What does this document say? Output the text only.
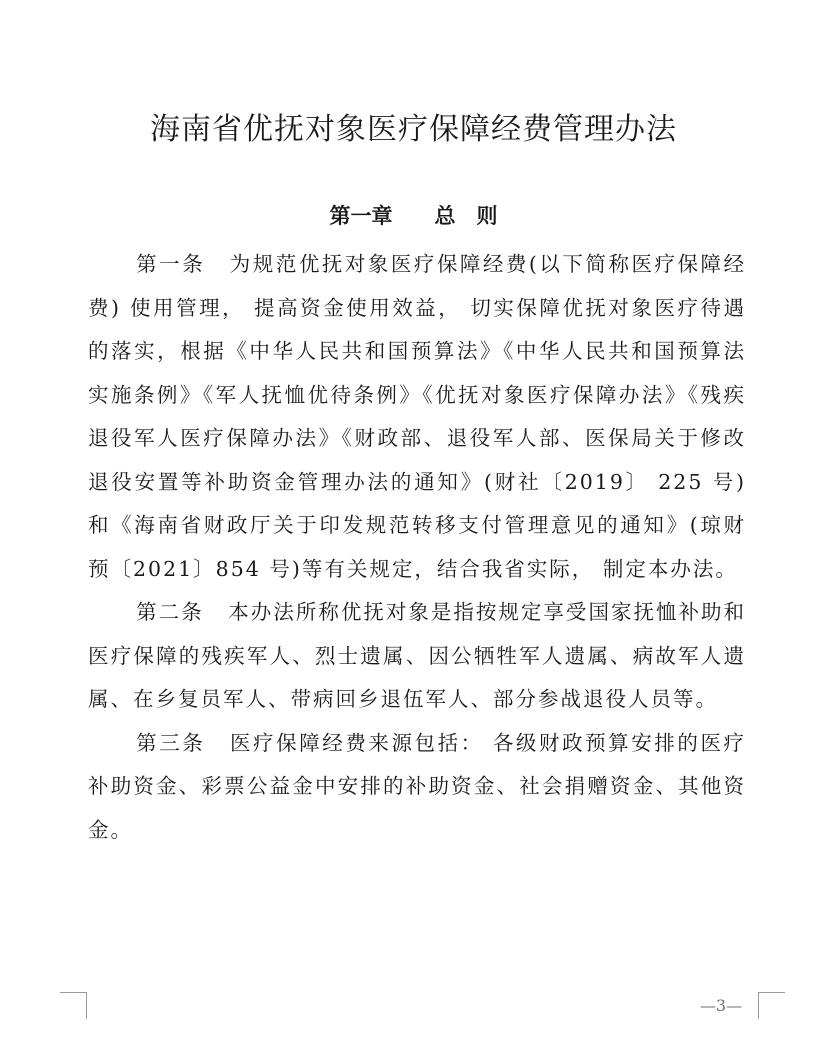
海南省优抚对象医疗保障经费管理办法
第一章　　总　则

第一条 为规范优抚对象医疗保障经费(以下简称医疗保障经费) 使用管理， 提高资金使用效益， 切实保障优抚对象医疗待遇的落实，根据《中华人民共和国预算法》《中华人民共和国预算法实施条例》《军人抚恤优待条例》《优抚对象医疗保障办法》《残疾退役军人医疗保障办法》《财政部、退役军人部、医保局关于修改退役安置等补助资金管理办法的通知》(财社〔2019〕 225 号) 和《海南省财政厅关于印发规范转移支付管理意见的通知》(琼财预〔2021〕854 号)等有关规定，结合我省实际， 制定本办法。

第二条 本办法所称优抚对象是指按规定享受国家抚恤补助和医疗保障的残疾军人、烈士遗属、因公牺牲军人遗属、病故军人遗属、在乡复员军人、带病回乡退伍军人、部分参战退役人员等。

第三条 医疗保障经费来源包括： 各级财政预算安排的医疗补助资金、彩票公益金中安排的补助资金、社会捐赠资金、其他资金。

—3—
